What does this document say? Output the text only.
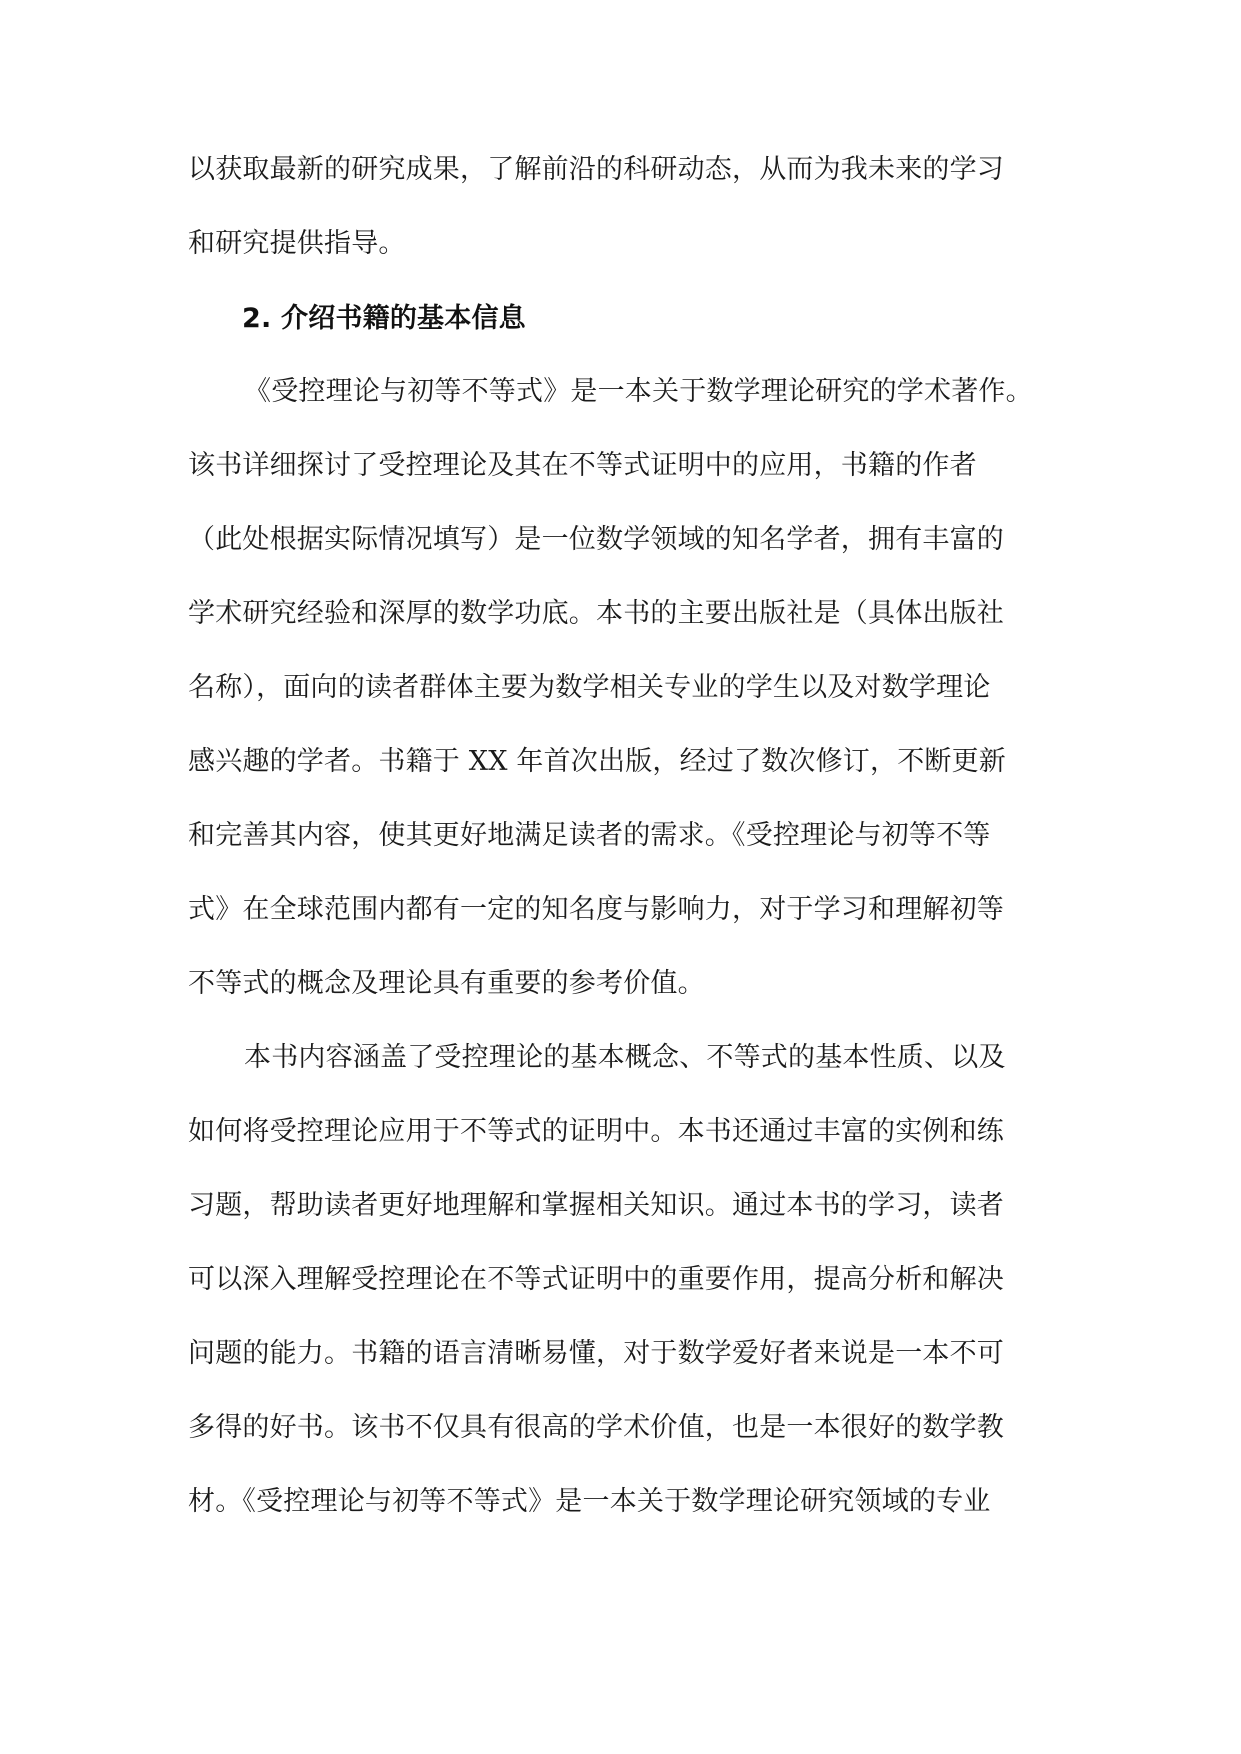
以获取最新的研究成果，了解前沿的科研动态，从而为我未来的学习
和研究提供指导。
2. 介绍书籍的基本信息
《受控理论与初等不等式》是一本关于数学理论研究的学术著作。
该书详细探讨了受控理论及其在不等式证明中的应用，书籍的作者
（此处根据实际情况填写）是一位数学领域的知名学者，拥有丰富的
学术研究经验和深厚的数学功底。本书的主要出版社是（具体出版社
名称），面向的读者群体主要为数学相关专业的学生以及对数学理论
感兴趣的学者。书籍于 XX 年首次出版，经过了数次修订，不断更新
和完善其内容，使其更好地满足读者的需求。《受控理论与初等不等
式》在全球范围内都有一定的知名度与影响力，对于学习和理解初等
不等式的概念及理论具有重要的参考价值。
本书内容涵盖了受控理论的基本概念、不等式的基本性质、以及
如何将受控理论应用于不等式的证明中。本书还通过丰富的实例和练
习题，帮助读者更好地理解和掌握相关知识。通过本书的学习，读者
可以深入理解受控理论在不等式证明中的重要作用，提高分析和解决
问题的能力。书籍的语言清晰易懂，对于数学爱好者来说是一本不可
多得的好书。该书不仅具有很高的学术价值，也是一本很好的数学教
材。《受控理论与初等不等式》是一本关于数学理论研究领域的专业
